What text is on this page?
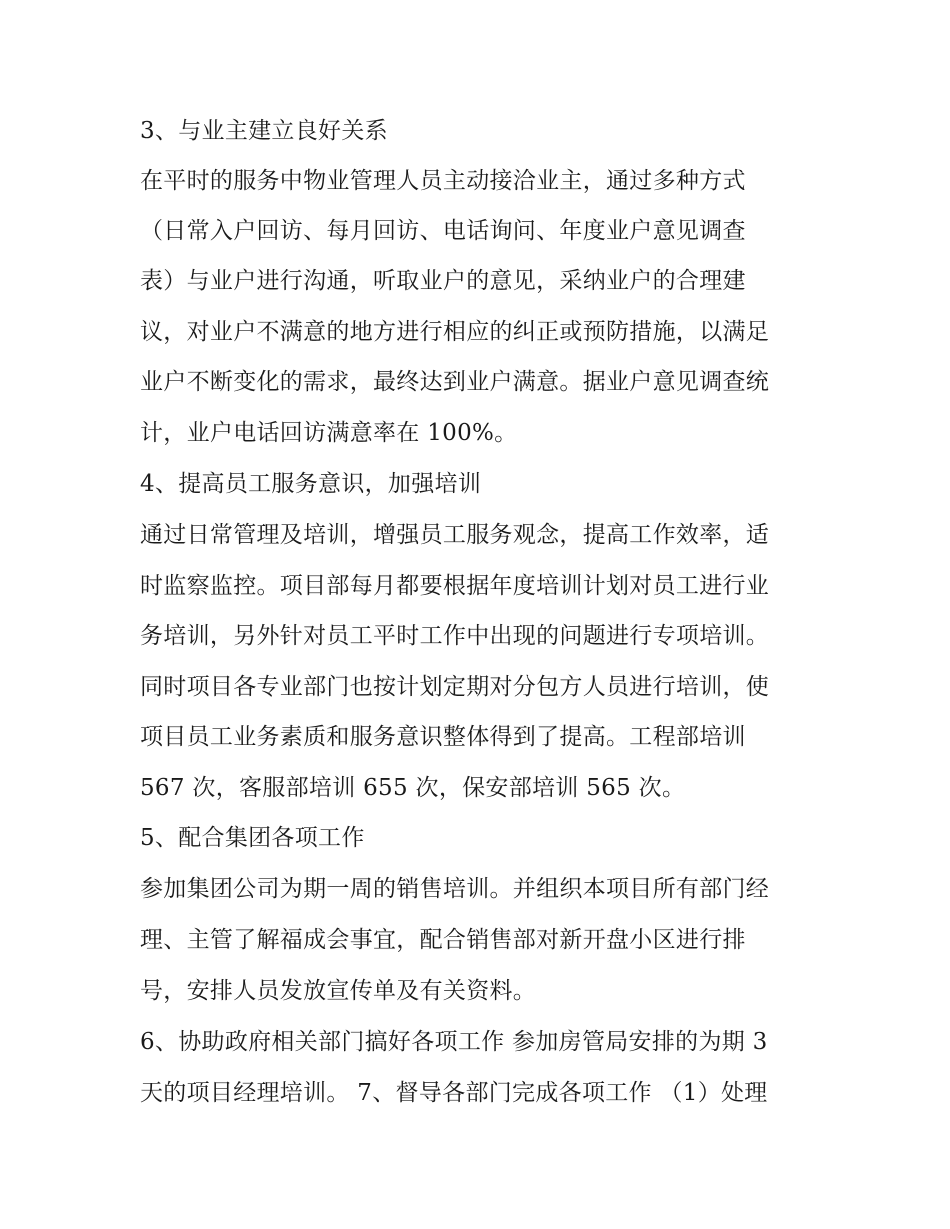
3、与业主建立良好关系
在平时的服务中物业管理人员主动接洽业主，通过多种方式
（日常入户回访、每月回访、电话询问、年度业户意见调查
表）与业户进行沟通，听取业户的意见，采纳业户的合理建
议，对业户不满意的地方进行相应的纠正或预防措施，以满足
业户不断变化的需求，最终达到业户满意。据业户意见调查统
计，业户电话回访满意率在 100%。
4、提高员工服务意识，加强培训
通过日常管理及培训，增强员工服务观念，提高工作效率，适
时监察监控。项目部每月都要根据年度培训计划对员工进行业
务培训，另外针对员工平时工作中出现的问题进行专项培训。
同时项目各专业部门也按计划定期对分包方人员进行培训，使
项目员工业务素质和服务意识整体得到了提高。工程部培训
567 次，客服部培训 655 次，保安部培训 565 次。
5、配合集团各项工作
参加集团公司为期一周的销售培训。并组织本项目所有部门经
理、主管了解福成会事宜，配合销售部对新开盘小区进行排
号，安排人员发放宣传单及有关资料。
6、协助政府相关部门搞好各项工作 参加房管局安排的为期 3
天的项目经理培训。 7、督导各部门完成各项工作 （1）处理
